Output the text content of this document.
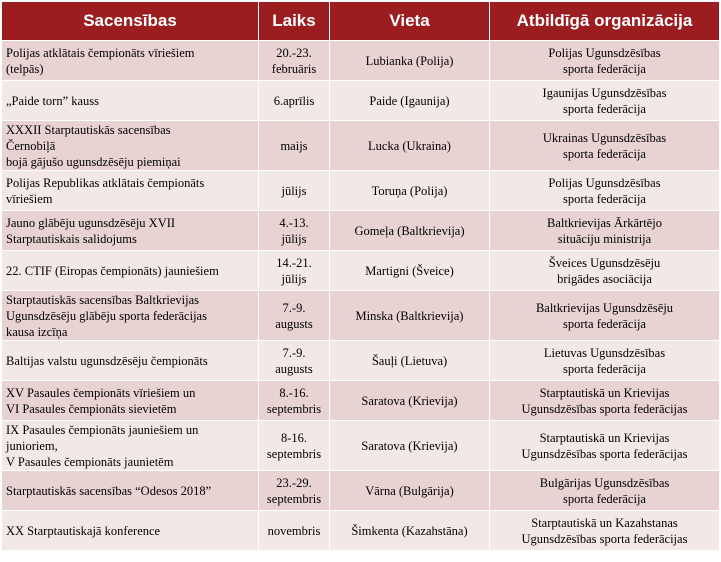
Sacensības	Laiks	Vieta	Atbildīgā organizācija

Polijas atklātais čempionāts vīriešiem
(telpās)	20.-23.
februāris	Lubianka (Polija)	Polijas Ugunsdzēsības
sporta federācija

„Paide torn” kauss	6.aprīlis	Paide (Igaunija)	Igaunijas Ugunsdzēsības
sporta federācija

XXXII Starptautiskās sacensības
Černobiļā
bojā gājušo ugunsdzēsēju piemiņai	maijs	Lucka (Ukraina)	Ukrainas Ugunsdzēsības
sporta federācija

Polijas Republikas atklātais čempionāts
vīriešiem	jūlijs	Toruņa (Polija)	Polijas Ugunsdzēsības
sporta federācija

Jauno glābēju ugunsdzēsēju XVII
Starptautiskais salidojums	4.-13.
jūlijs	Gomeļa (Baltkrievija)	Baltkrievijas Ārkārtējo
situāciju ministrija

22. CTIF (Eiropas čempionāts) jauniešiem	14.-21.
jūlijs	Martigni (Šveice)	Šveices Ugunsdzēsēju
brigādes asociācija

Starptautiskās sacensības Baltkrievijas
Ugunsdzēsēju glābēju sporta federācijas
kausa izcīņa	7.-9.
augusts	Minska (Baltkrievija)	Baltkrievijas Ugunsdzēsēju
sporta federācija

Baltijas valstu ugunsdzēsēju čempionāts	7.-9.
augusts	Šauļi (Lietuva)	Lietuvas Ugunsdzēsības
sporta federācija

XV Pasaules čempionāts vīriešiem un
VI Pasaules čempionāts sievietēm	8.-16.
septembris	Saratova (Krievija)	Starptautiskā un Krievijas
Ugunsdzēsības sporta federācijas

IX Pasaules čempionāts jauniešiem un
junioriem,
V Pasaules čempionāts jaunietēm	8-16.
septembris	Saratova (Krievija)	Starptautiskā un Krievijas
Ugunsdzēsības sporta federācijas

Starptautiskās sacensības “Odesos 2018”	23.-29.
septembris	Vārna (Bulgārija)	Bulgārijas Ugunsdzēsības
sporta federācija

XX Starptautiskajā konference	novembris	Šimkenta (Kazahstāna)	Starptautiskā un Kazahstanas
Ugunsdzēsības sporta federācijas
